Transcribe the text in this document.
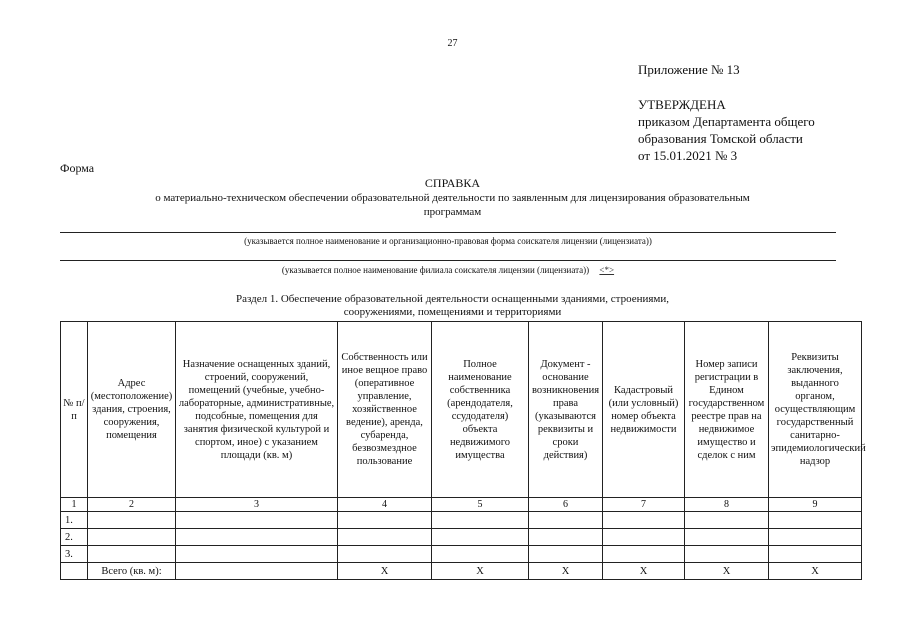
27
Приложение № 13
УТВЕРЖДЕНА
приказом Департамента общего
образования Томской области
от 15.01.2021 № 3
Форма
СПРАВКА
о материально-техническом обеспечении образовательной деятельности по заявленным для лицензирования образовательным программам
(указывается полное наименование и организационно-правовая форма соискателя лицензии (лицензиата))
(указывается полное наименование филиала соискателя лицензии (лицензиата)) <*>
Раздел 1. Обеспечение образовательной деятельности оснащенными зданиями, строениями, сооружениями, помещениями и территориями
№ п/п	Адрес (местоположение) здания, строения, сооружения, помещения	Назначение оснащенных зданий, строений, сооружений, помещений (учебные, учебно-лабораторные, административные, подсобные, помещения для занятия физической культурой и спортом, иное) с указанием площади (кв. м)	Собственность или иное вещное право (оперативное управление, хозяйственное ведение), аренда, субаренда, безвозмездное пользование	Полное наименование собственника (арендодателя, ссудодателя) объекта недвижимого имущества	Документ - основание возникновения права (указываются реквизиты и сроки действия)	Кадастровый (или условный) номер объекта недвижимости	Номер записи регистрации в Едином государственном реестре прав на недвижимое имущество и сделок с ним	Реквизиты заключения, выданного органом, осуществляющим государственный санитарно-эпидемиологический надзор
1	2	3	4	5	6	7	8	9
1.								
2.								
3.								
	Всего (кв. м):		X	X	X	X	X	X
